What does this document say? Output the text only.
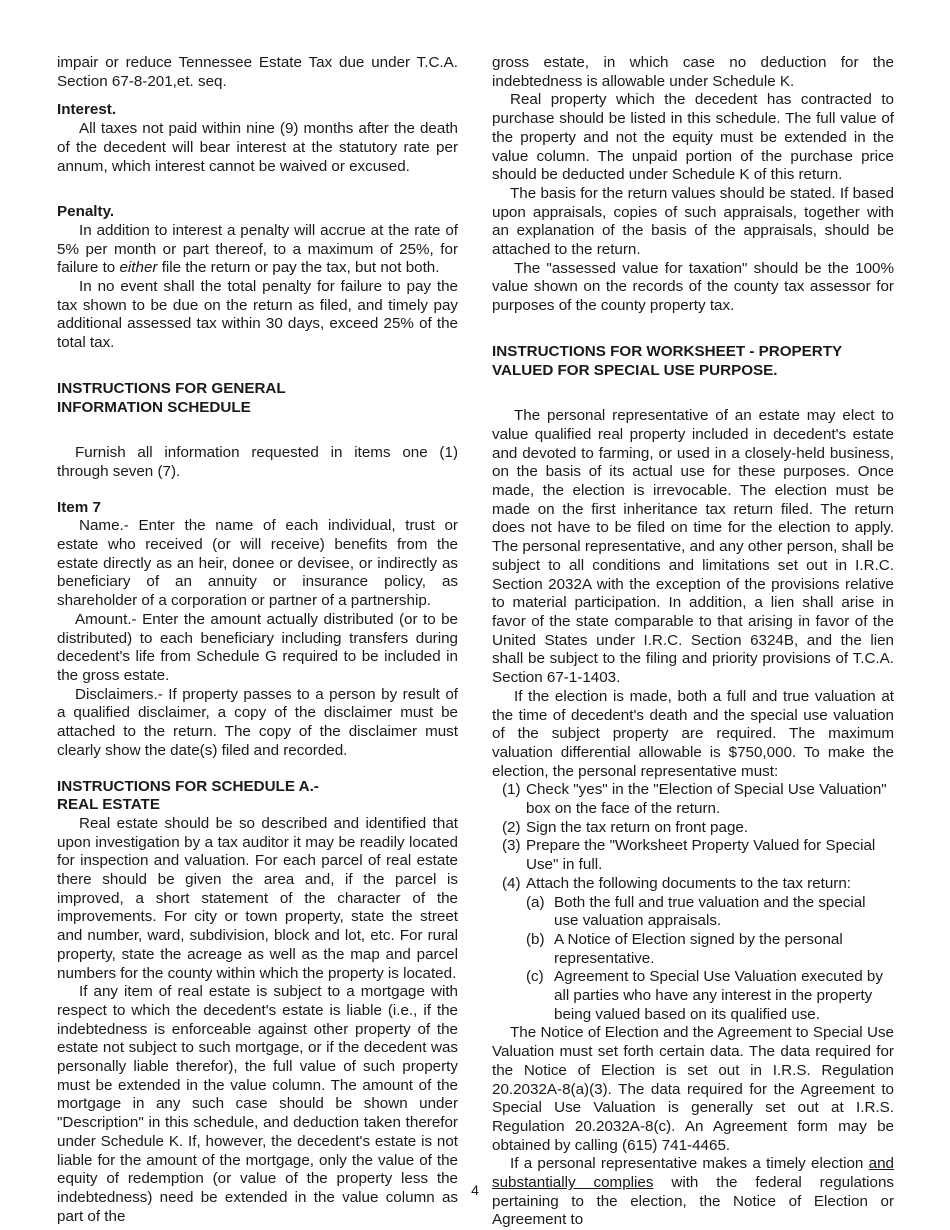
impair or reduce Tennessee Estate Tax due under T.C.A. Section 67-8-201,et. seq.

Interest.

All taxes not paid within nine (9) months after the death of the decedent will bear interest at the statutory rate per annum, which interest cannot be waived or excused.

Penalty.

In addition to interest a penalty will accrue at the rate of 5% per month or part thereof, to a maximum of 25%, for failure to either file the return or pay the tax, but not both.

In no event shall the total penalty for failure to pay the tax shown to be due on the return as filed, and timely pay additional assessed tax within 30 days, exceed 25% of the total tax.

INSTRUCTIONS FOR GENERAL

INFORMATION SCHEDULE

Furnish all information requested in items one (1) through seven (7).

Item 7

Name.- Enter the name of each individual, trust or estate who received (or will receive) benefits from the estate directly as an heir, donee or devisee, or indirectly as beneficiary of an annuity or insurance policy, as shareholder of a corporation or partner of a partnership.

Amount.- Enter the amount actually distributed (or to be distributed) to each beneficiary including transfers during decedent's life from Schedule G required to be included in the gross estate.

Disclaimers.- If property passes to a person by result of a qualified disclaimer, a copy of the disclaimer must be attached to the return. The copy of the disclaimer must clearly show the date(s) filed and recorded.

INSTRUCTIONS FOR SCHEDULE A.-

REAL ESTATE

Real estate should be so described and identified that upon investigation by a tax auditor it may be readily located for inspection and valuation. For each parcel of real estate there should be given the area and, if the parcel is improved, a short statement of the character of the improvements. For city or town property, state the street and number, ward, subdivision, block and lot, etc. For rural property, state the acreage as well as the map and parcel numbers for the county within which the property is located.

If any item of real estate is subject to a mortgage with respect to which the decedent's estate is liable (i.e., if the indebtedness is enforceable against other property of the estate not subject to such mortgage, or if the decedent was personally liable therefor), the full value of such property must be extended in the value column. The amount of the mortgage in any such case should be shown under "Description" in this schedule, and deduction taken therefor under Schedule K. If, however, the decedent's estate is not liable for the amount of the mortgage, only the value of the equity of redemption (or value of the property less the indebtedness) need be extended in the value column as part of the

gross estate, in which case no deduction for the indebtedness is allowable under Schedule K.

Real property which the decedent has contracted to purchase should be listed in this schedule. The full value of the property and not the equity must be extended in the value column. The unpaid portion of the purchase price should be deducted under Schedule K of this return.

The basis for the return values should be stated. If based upon appraisals, copies of such appraisals, together with an explanation of the basis of the appraisals, should be attached to the return.

The "assessed value for taxation" should be the 100% value shown on the records of the county tax assessor for purposes of the county property tax.

INSTRUCTIONS FOR WORKSHEET - PROPERTY

VALUED FOR SPECIAL USE PURPOSE.

The personal representative of an estate may elect to value qualified real property included in decedent's estate and devoted to farming, or used in a closely-held business, on the basis of its actual use for these purposes. Once made, the election is irrevocable. The election must be made on the first inheritance tax return filed. The return does not have to be filed on time for the election to apply. The personal representative, and any other person, shall be subject to all conditions and limitations set out in I.R.C. Section 2032A with the exception of the provisions relative to material participation. In addition, a lien shall arise in favor of the state comparable to that arising in favor of the United States under I.R.C. Section 6324B, and the lien shall be subject to the filing and priority provisions of T.C.A. Section 67-1-1403.

If the election is made, both a full and true valuation at the time of decedent's death and the special use valuation of the subject property are required. The maximum valuation differential allowable is $750,000. To make the election, the personal representative must:

(1) Check "yes" in the "Election of Special Use Valuation" box on the face of the return.
(2) Sign the tax return on front page.
(3) Prepare the "Worksheet Property Valued for Special Use" in full.
(4) Attach the following documents to the tax return:
(a) Both the full and true valuation and the special use valuation appraisals.
(b) A Notice of Election signed by the personal representative.
(c) Agreement to Special Use Valuation executed by all parties who have any interest in the property being valued based on its qualified use.

The Notice of Election and the Agreement to Special Use Valuation must set forth certain data. The data required for the Notice of Election is set out in I.R.S. Regulation 20.2032A-8(a)(3). The data required for the Agreement to Special Use Valuation is generally set out at I.R.S. Regulation 20.2032A-8(c). An Agreement form may be obtained by calling (615) 741-4465.

If a personal representative makes a timely election and substantially complies with the federal regulations pertaining to the election, the Notice of Election or Agreement to

4
